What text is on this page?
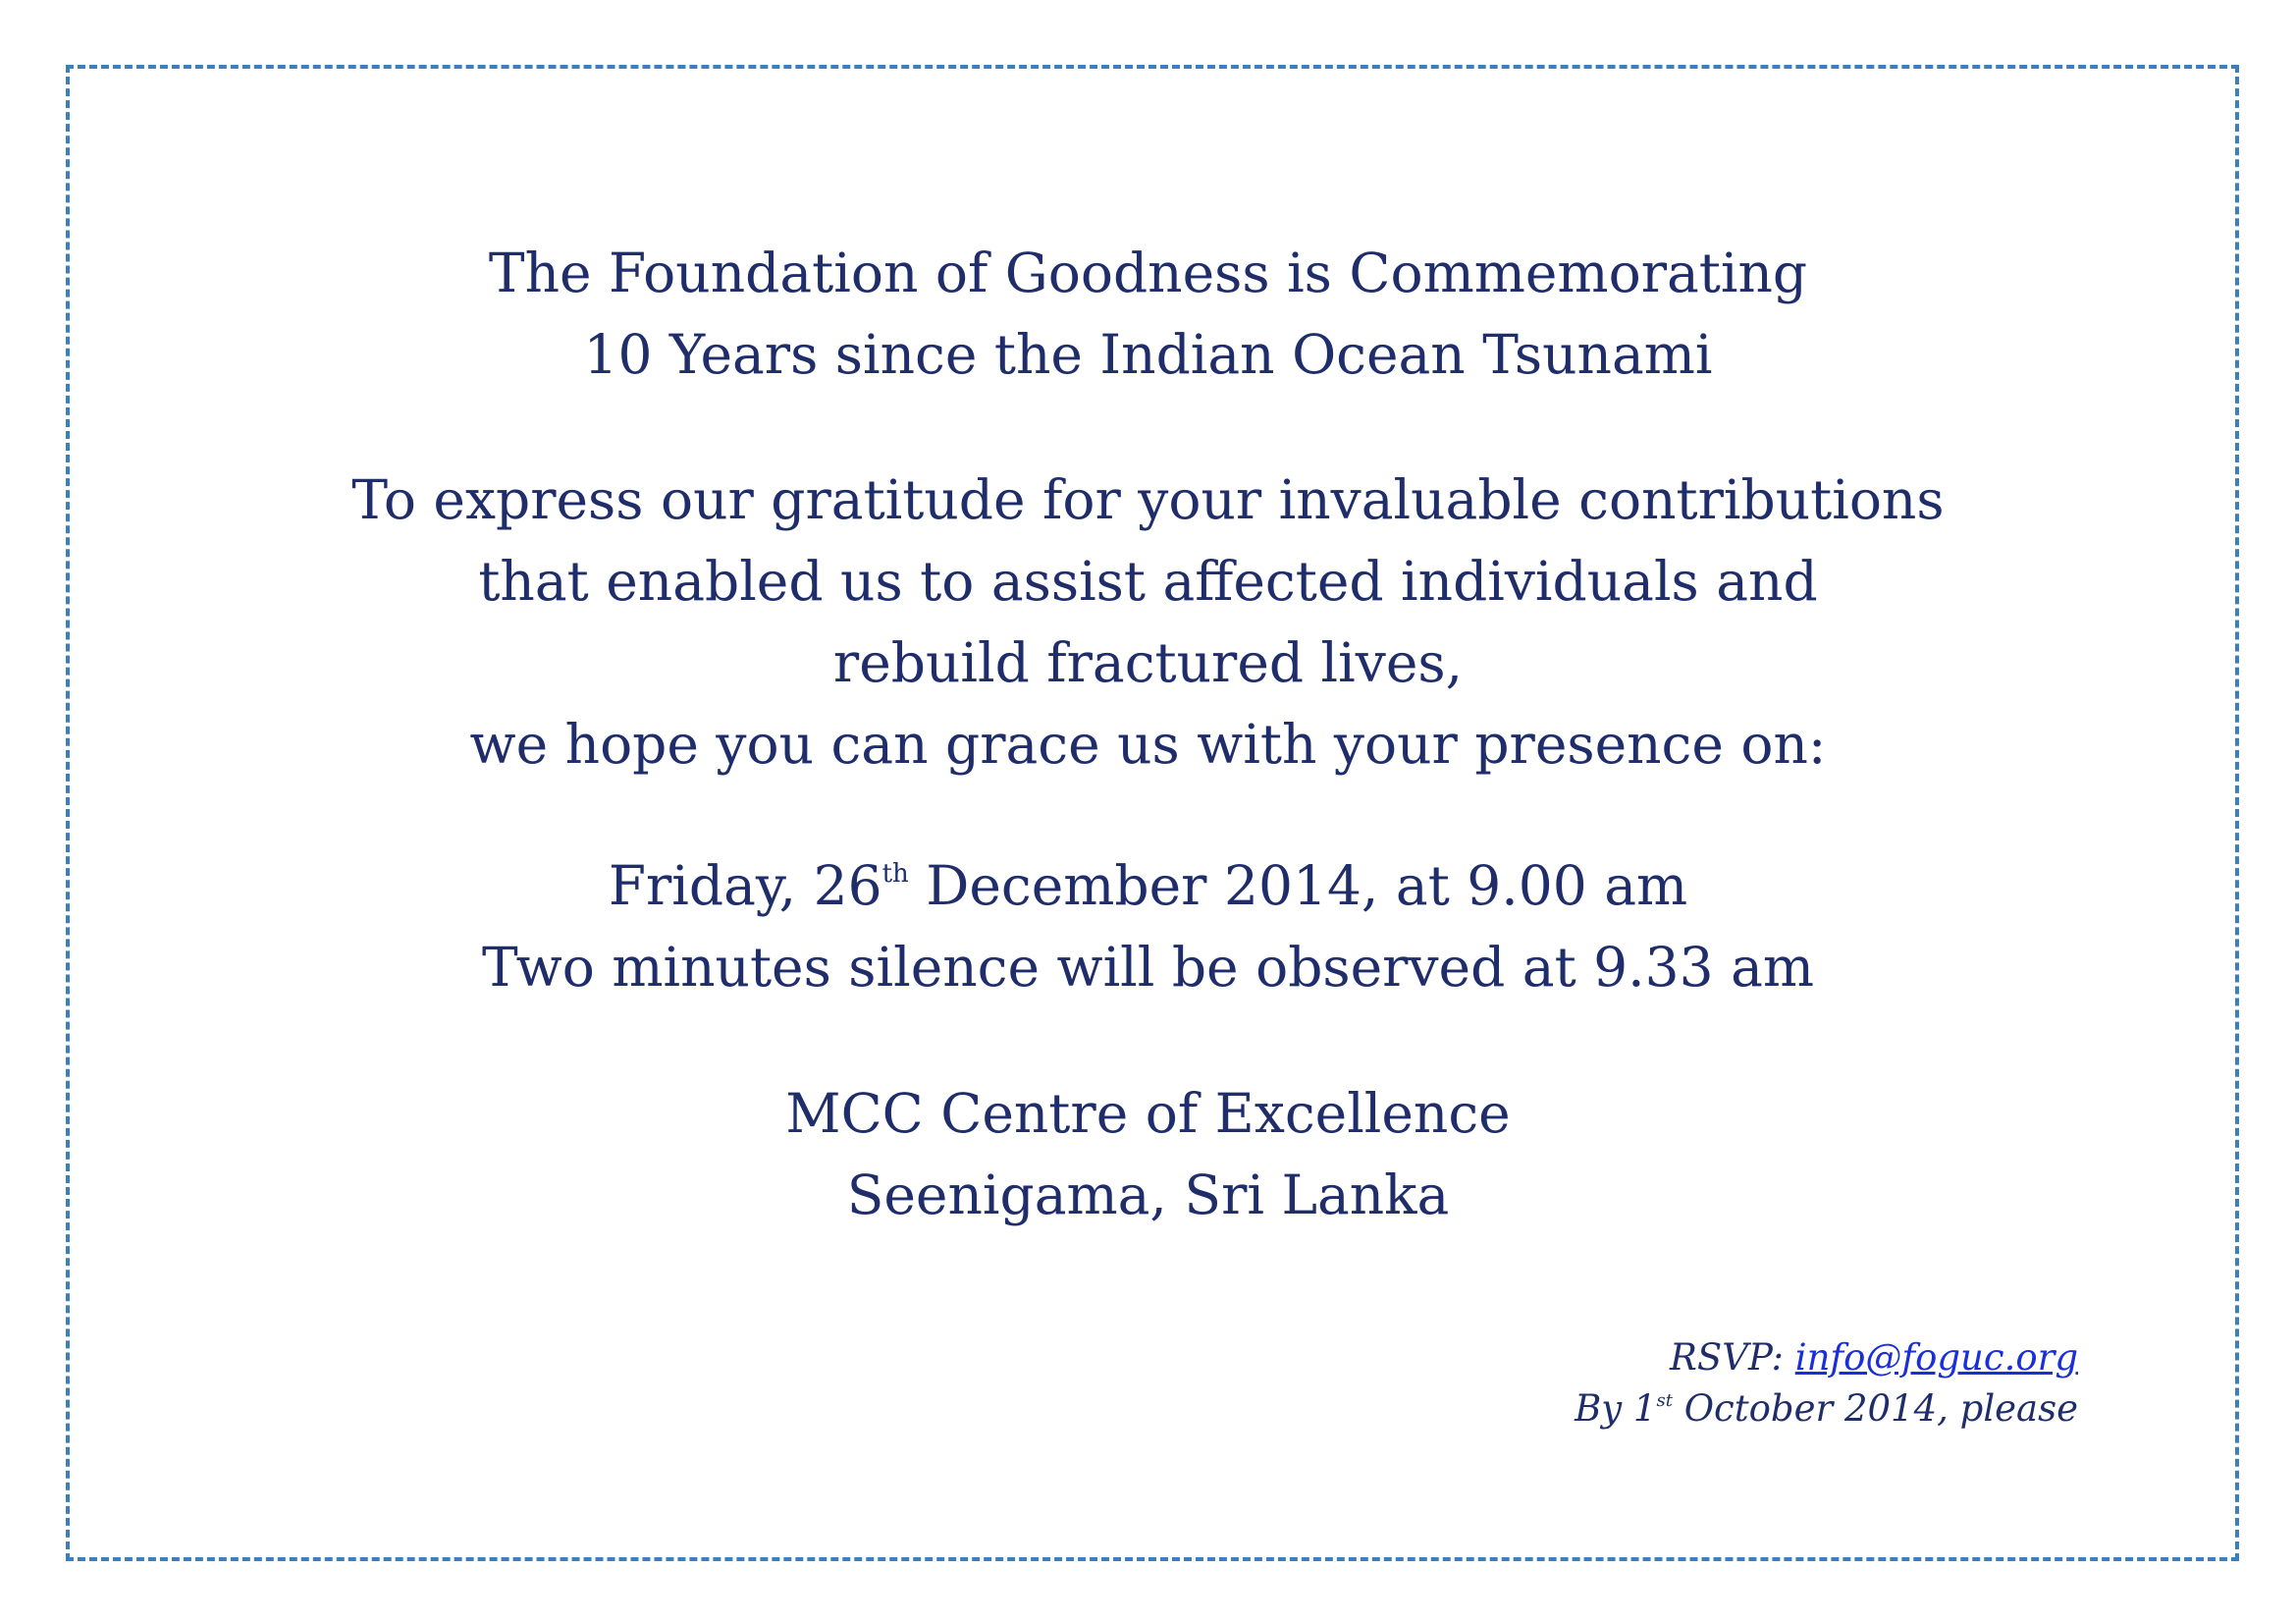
The Foundation of Goodness is Commemorating
10 Years since the Indian Ocean Tsunami
To express our gratitude for your invaluable contributions
that enabled us to assist affected individuals and
rebuild fractured lives,
we hope you can grace us with your presence on:
Friday, 26th December 2014, at 9.00 am
Two minutes silence will be observed at 9.33 am
MCC Centre of Excellence
Seenigama, Sri Lanka
RSVP: info@foguc.org
By 1st October 2014, please
